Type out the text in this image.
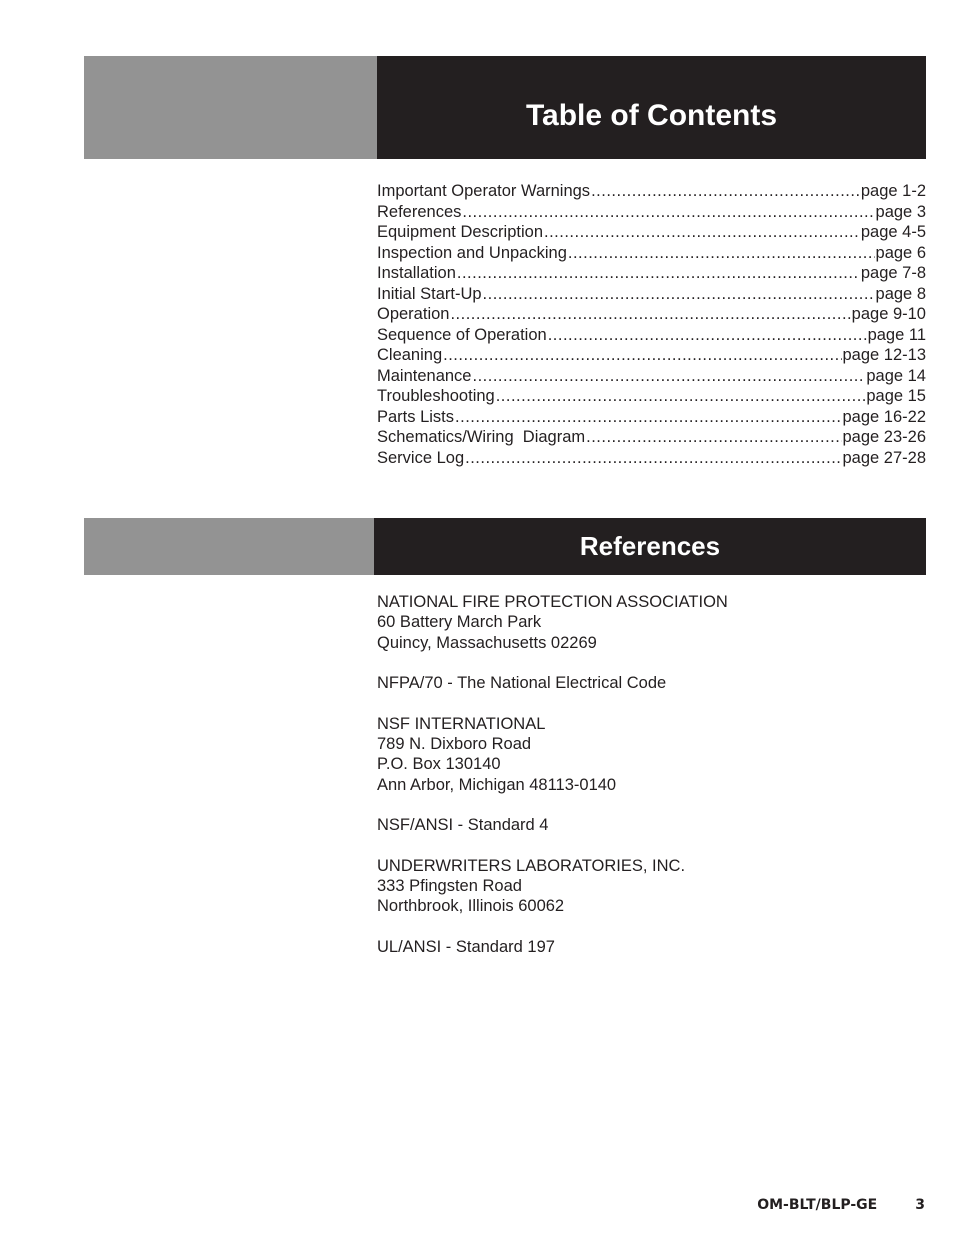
Table of Contents
Important Operator Warnings .....	page 1-2
References .....	page 3
Equipment Description .....	page 4-5
Inspection and Unpacking .....	page 6
Installation .....	page 7-8
Initial Start-Up .....	page 8
Operation .....	page 9-10
Sequence of Operation .....	page 11
Cleaning .....	page 12-13
Maintenance .....	page 14
Troubleshooting .....	page 15
Parts Lists .....	page 16-22
Schematics/Wiring  Diagram .....	page 23-26
Service Log .....	page 27-28
References
NATIONAL FIRE PROTECTION ASSOCIATION
60 Battery March Park
Quincy, Massachusetts 02269
NFPA/70 - The National Electrical Code
NSF INTERNATIONAL
789 N. Dixboro Road
P.O. Box 130140
Ann Arbor, Michigan 48113-0140
NSF/ANSI - Standard 4
UNDERWRITERS LABORATORIES, INC.
333 Pfingsten Road
Northbrook, Illinois 60062
UL/ANSI - Standard 197
OM-BLT/BLP-GE	3
